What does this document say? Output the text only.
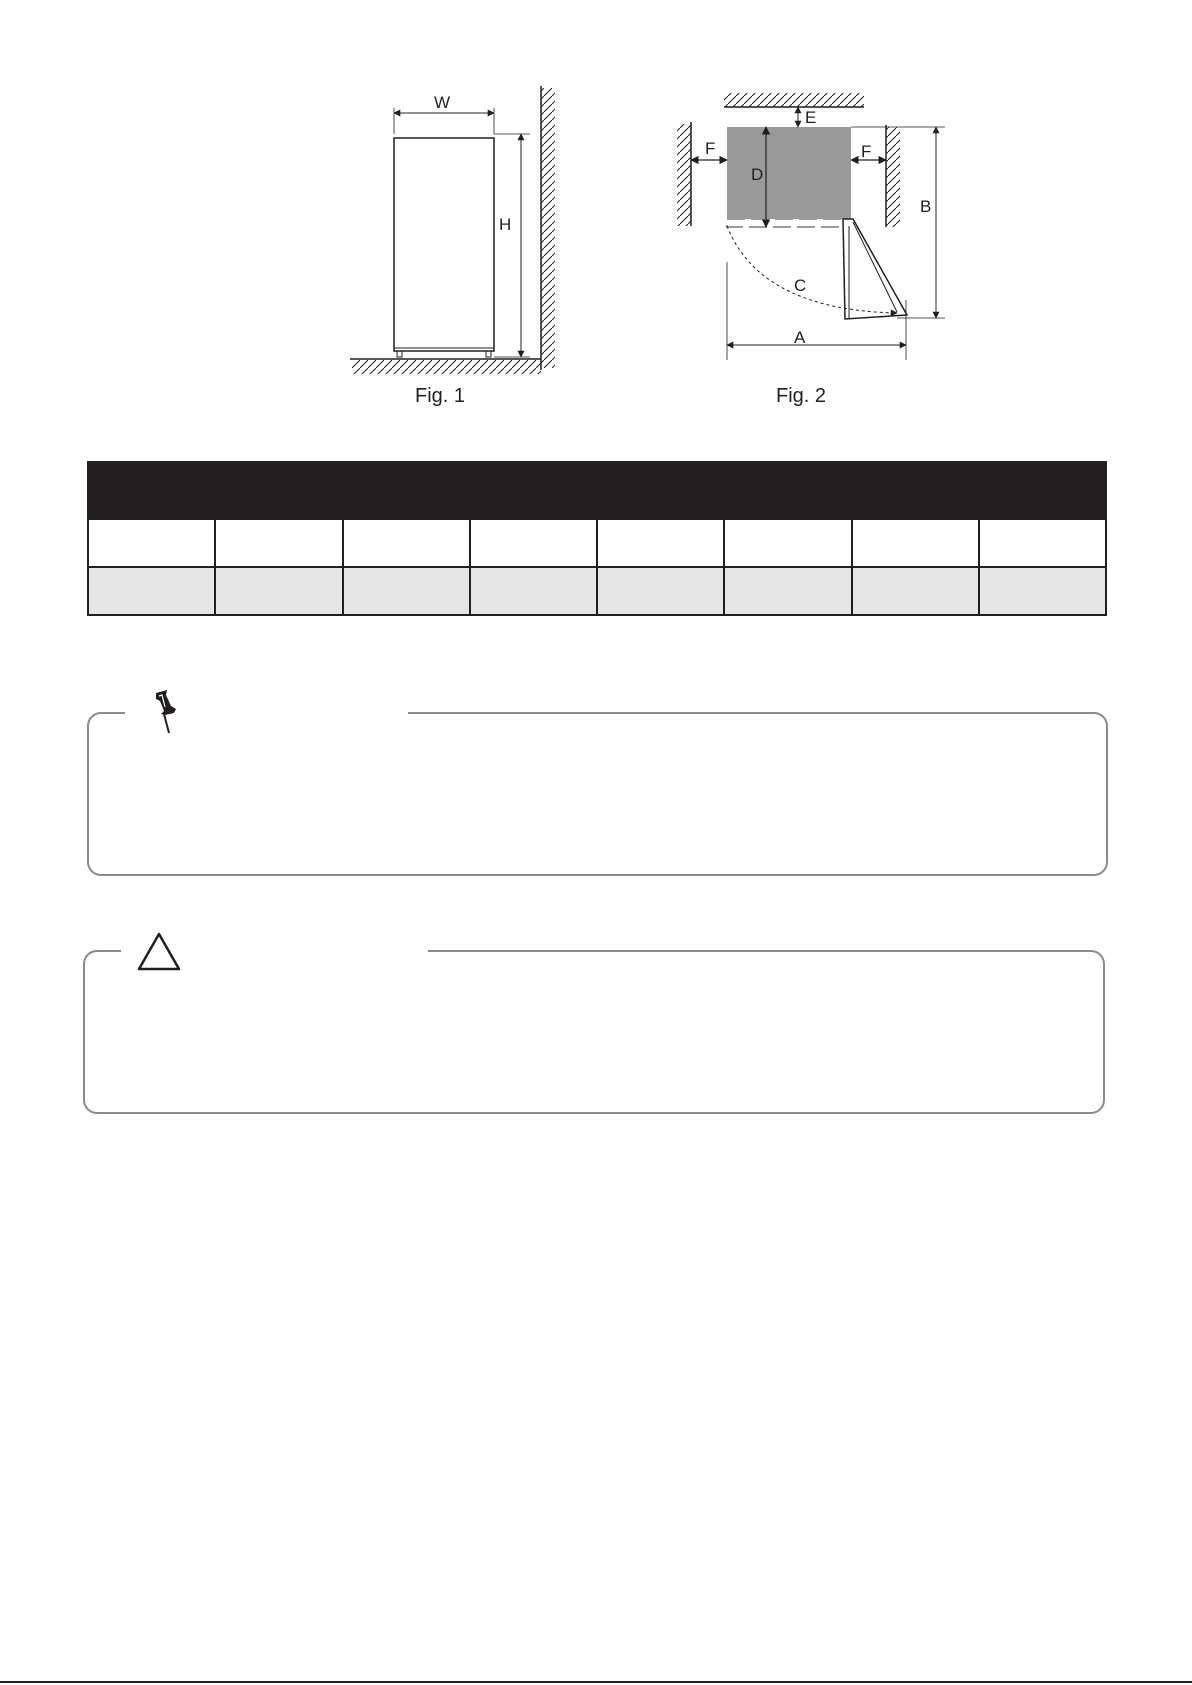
W
H
E
F	F
D
B
C
A
Fig. 1	Fig. 2
